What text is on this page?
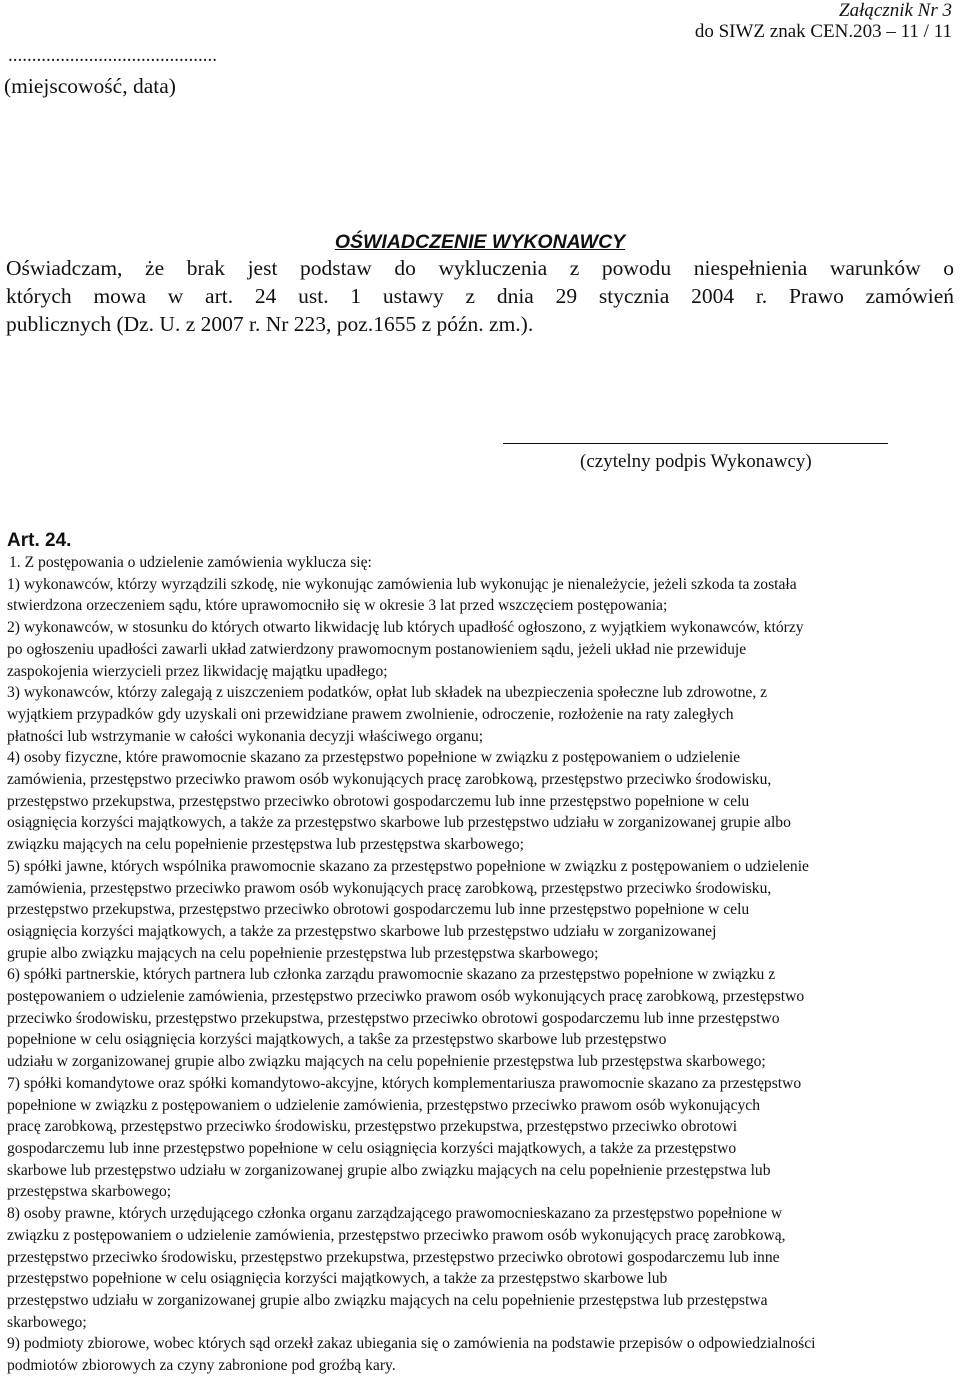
Załącznik Nr 3
do SIWZ znak CEN.203 – 11 / 11
............................................
(miejscowość, data)
OŚWIADCZENIE WYKONAWCY
Oświadczam, że brak jest podstaw do wykluczenia z powodu niespełnienia warunków o
których mowa w art. 24 ust. 1 ustawy z dnia 29 stycznia 2004 r. Prawo zamówień
publicznych (Dz. U. z 2007 r. Nr 223, poz.1655 z późn. zm.).
(czytelny podpis Wykonawcy)
Art. 24.

1. Z postępowania o udzielenie zamówienia wyklucza się:

1) wykonawców, którzy wyrządzili szkodę, nie wykonując zamówienia lub wykonując je nienależycie, jeżeli szkoda ta została

stwierdzona orzeczeniem sądu, które uprawomocniło się w okresie 3 lat przed wszczęciem postępowania;

2) wykonawców, w stosunku do których otwarto likwidację lub których upadłość ogłoszono, z wyjątkiem wykonawców, którzy

po ogłoszeniu upadłości zawarli układ zatwierdzony prawomocnym postanowieniem sądu, jeżeli układ nie przewiduje

zaspokojenia wierzycieli przez likwidację majątku upadłego;

3) wykonawców, którzy zalegają z uiszczeniem podatków, opłat lub składek na ubezpieczenia społeczne lub zdrowotne, z

wyjątkiem przypadków gdy uzyskali oni przewidziane prawem zwolnienie, odroczenie, rozłożenie na raty zaległych

płatności lub wstrzymanie w całości wykonania decyzji właściwego organu;

4) osoby fizyczne, które prawomocnie skazano za przestępstwo popełnione w związku z postępowaniem o udzielenie

zamówienia, przestępstwo przeciwko prawom osób wykonujących pracę zarobkową, przestępstwo przeciwko środowisku,

przestępstwo przekupstwa, przestępstwo przeciwko obrotowi gospodarczemu lub inne przestępstwo popełnione w celu

osiągnięcia korzyści majątkowych, a także za przestępstwo skarbowe lub przestępstwo udziału w zorganizowanej grupie albo

związku mających na celu popełnienie przestępstwa lub przestępstwa skarbowego;

5) spółki jawne, których wspólnika prawomocnie skazano za przestępstwo popełnione w związku z postępowaniem o udzielenie

zamówienia, przestępstwo przeciwko prawom osób wykonujących pracę zarobkową, przestępstwo przeciwko środowisku,

przestępstwo przekupstwa, przestępstwo przeciwko obrotowi gospodarczemu lub inne przestępstwo popełnione w celu

osiągnięcia korzyści majątkowych, a także za przestępstwo skarbowe lub przestępstwo udziału w zorganizowanej

grupie albo związku mających na celu popełnienie przestępstwa lub przestępstwa skarbowego;

6) spółki partnerskie, których partnera lub członka zarządu prawomocnie skazano za przestępstwo popełnione w związku z

postępowaniem o udzielenie zamówienia, przestępstwo przeciwko prawom osób wykonujących pracę zarobkową, przestępstwo

przeciwko środowisku, przestępstwo przekupstwa, przestępstwo przeciwko obrotowi gospodarczemu lub inne przestępstwo

popełnione w celu osiągnięcia korzyści majątkowych, a takŝe za przestępstwo skarbowe lub przestępstwo

udziału w zorganizowanej grupie albo związku mających na celu popełnienie przestępstwa lub przestępstwa skarbowego;

7) spółki komandytowe oraz spółki komandytowo-akcyjne, których komplementariusza prawomocnie skazano za przestępstwo

popełnione w związku z postępowaniem o udzielenie zamówienia, przestępstwo przeciwko prawom osób wykonujących

pracę zarobkową, przestępstwo przeciwko środowisku, przestępstwo przekupstwa, przestępstwo przeciwko obrotowi

gospodarczemu lub inne przestępstwo popełnione w celu osiągnięcia korzyści majątkowych, a także za przestępstwo

skarbowe lub przestępstwo udziału w zorganizowanej grupie albo związku mających na celu popełnienie przestępstwa lub

przestępstwa skarbowego;

8) osoby prawne, których urzędującego członka organu zarządzającego prawomocnieskazano za przestępstwo popełnione w

związku z postępowaniem o udzielenie zamówienia, przestępstwo przeciwko prawom osób wykonujących pracę zarobkową,

przestępstwo przeciwko środowisku, przestępstwo przekupstwa, przestępstwo przeciwko obrotowi gospodarczemu lub inne

przestępstwo popełnione w celu osiągnięcia korzyści majątkowych, a także za przestępstwo skarbowe lub

przestępstwo udziału w zorganizowanej grupie albo związku mających na celu popełnienie przestępstwa lub przestępstwa

skarbowego;

9) podmioty zbiorowe, wobec których sąd orzekł zakaz ubiegania się o zamówienia na podstawie przepisów o odpowiedzialności

podmiotów zbiorowych za czyny zabronione pod groźbą kary.
